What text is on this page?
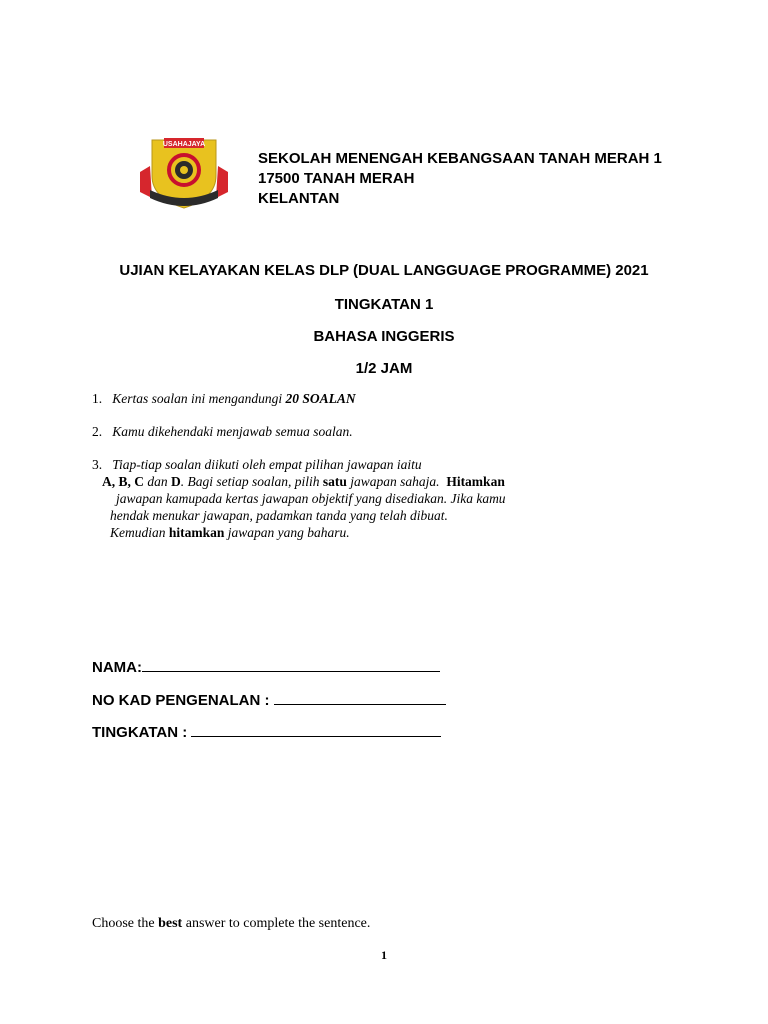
USAHAJAYA
SEKOLAH MENENGAH KEBANGSAAN TANAH MERAH 1
17500 TANAH MERAH
KELANTAN
UJIAN KELAYAKAN KELAS DLP (DUAL LANGGUAGE PROGRAMME) 2021
TINGKATAN 1
BAHASA INGGERIS
1/2 JAM
1. Kertas soalan ini mengandungi 20 SOALAN
2. Kamu dikehendaki menjawab semua soalan.
3. Tiap-tiap soalan diikuti oleh empat pilihan jawapan iaitu
A, B, C dan D. Bagi setiap soalan, pilih satu jawapan sahaja. Hitamkan
jawapan kamupada kertas jawapan objektif yang disediakan. Jika kamu
hendak menukar jawapan, padamkan tanda yang telah dibuat.
Kemudian hitamkan jawapan yang baharu.
NAMA:
NO KAD PENGENALAN :
TINGKATAN :
Choose the best answer to complete the sentence.
1
